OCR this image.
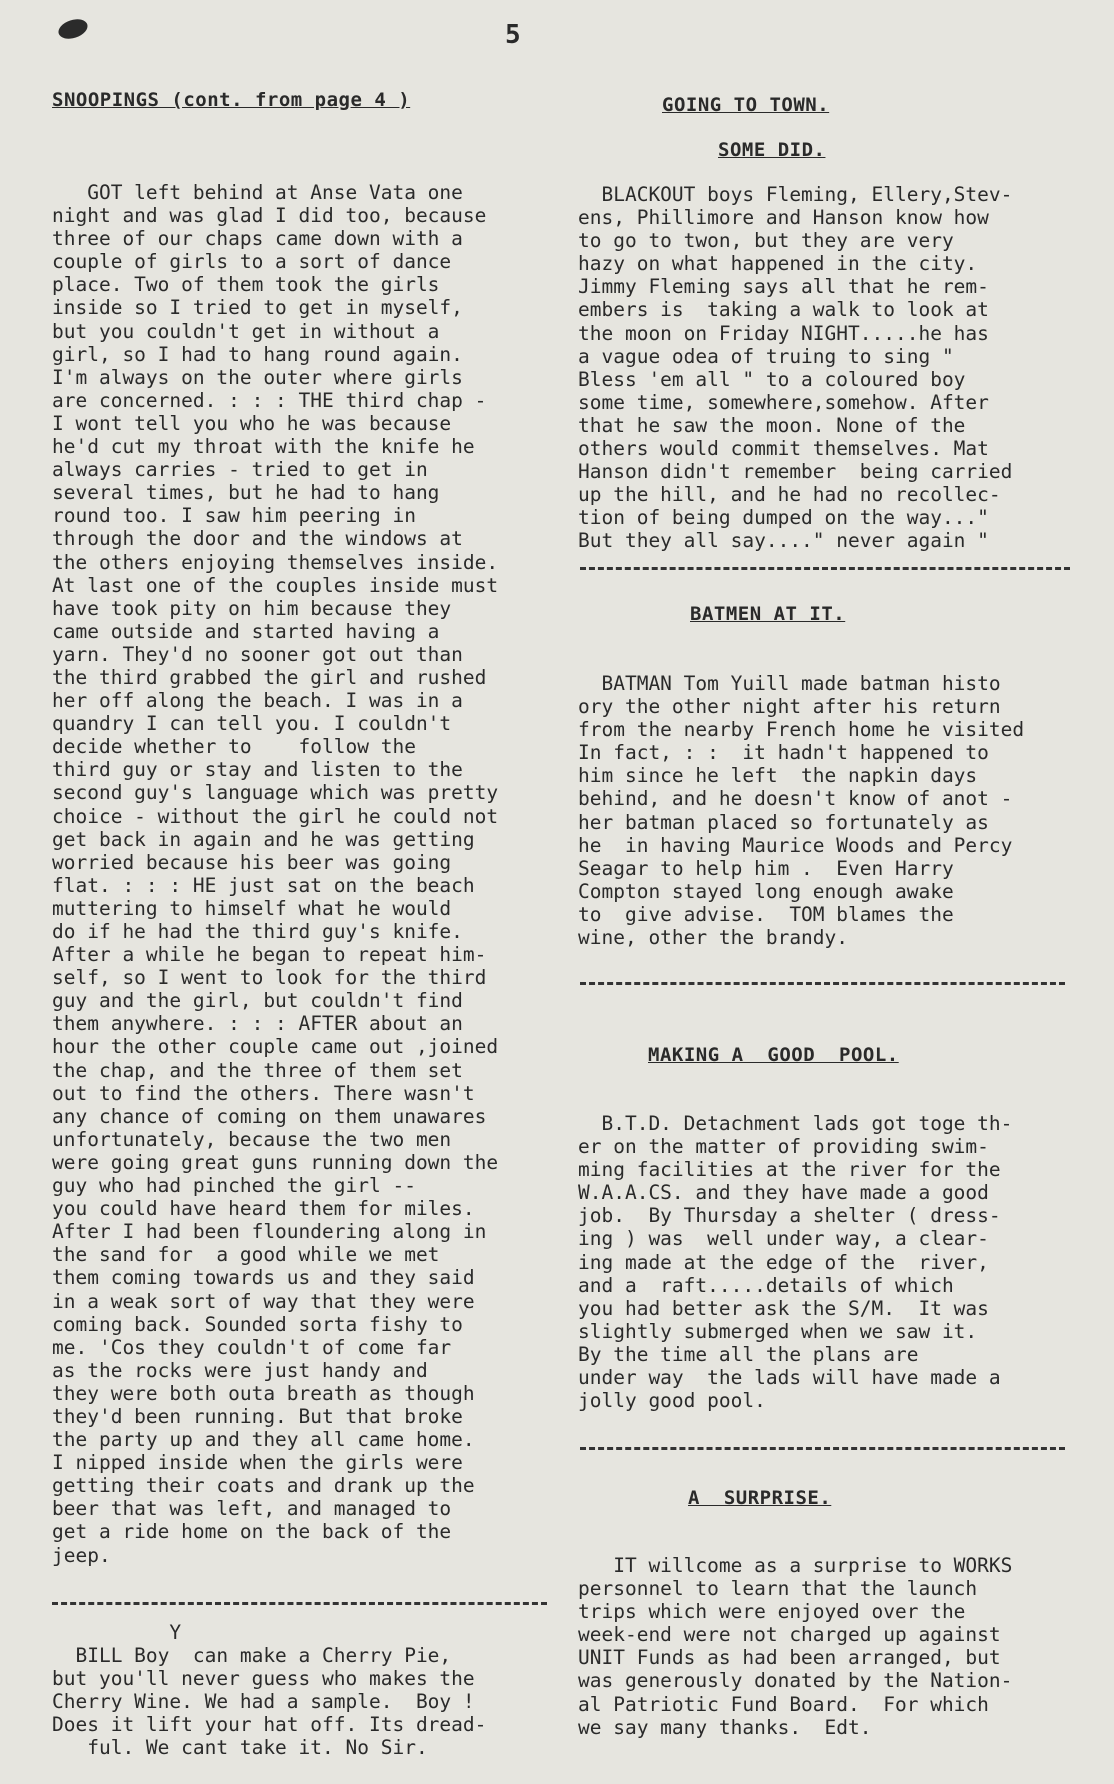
5
SNOOPINGS (cont. from page 4 )
GOT left behind at Anse Vata one
night and was glad I did too, because
three of our chaps came down with a
couple of girls to a sort of dance
place. Two of them took the girls
inside so I tried to get in myself,
but you couldn't get in without a
girl, so I had to hang round again.
I'm always on the outer where girls
are concerned. : : : THE third chap -
I wont tell you who he was because
he'd cut my throat with the knife he
always carries - tried to get in
several times, but he had to hang
round too. I saw him peering in
through the door and the windows at
the others enjoying themselves inside.
At last one of the couples inside must
have took pity on him because they
came outside and started having a
yarn. They'd no sooner got out than
the third grabbed the girl and rushed
her off along the beach. I was in a
quandry I can tell you. I couldn't
decide whether to    follow the
third guy or stay and listen to the
second guy's language which was pretty
choice - without the girl he could not
get back in again and he was getting
worried because his beer was going
flat. : : : HE just sat on the beach
muttering to himself what he would
do if he had the third guy's knife.
After a while he began to repeat him-
self, so I went to look for the third
guy and the girl, but couldn't find
them anywhere. : : : AFTER about an
hour the other couple came out ,joined
the chap, and the three of them set
out to find the others. There wasn't
any chance of coming on them unawares
unfortunately, because the two men
were going great guns running down the
guy who had pinched the girl --
you could have heard them for miles.
After I had been floundering along in
the sand for  a good while we met
them coming towards us and they said
in a weak sort of way that they were
coming back. Sounded sorta fishy to
me. 'Cos they couldn't of come far
as the rocks were just handy and
they were both outa breath as though
they'd been running. But that broke
the party up and they all came home.
I nipped inside when the girls were
getting their coats and drank up the
beer that was left, and managed to
get a ride home on the back of the
jeep.
Y
BILL Boy  can make a Cherry Pie,
but you'll never guess who makes the
Cherry Wine. We had a sample.  Boy !
Does it lift your hat off. Its dread-
ful. We cant take it. No Sir.
GOING TO TOWN.
SOME DID.
BLACKOUT boys Fleming, Ellery,Stev-
ens, Phillimore and Hanson know how
to go to twon, but they are very
hazy on what happened in the city.
Jimmy Fleming says all that he rem-
embers is  taking a walk to look at
the moon on Friday NIGHT.....he has
a vague odea of truing to sing "
Bless 'em all " to a coloured boy
some time, somewhere,somehow. After
that he saw the moon. None of the
others would commit themselves. Mat
Hanson didn't remember  being carried
up the hill, and he had no recollec-
tion of being dumped on the way..."
But they all say...." never again "
BATMEN AT IT.
BATMAN Tom Yuill made batman histo
ory the other night after his return
from the nearby French home he visited
In fact, : :  it hadn't happened to
him since he left  the napkin days
behind, and he doesn't know of anot -
her batman placed so fortunately as
he  in having Maurice Woods and Percy
Seagar to help him .  Even Harry
Compton stayed long enough awake
to  give advise.  TOM blames the
wine, other the brandy.
MAKING A  GOOD  POOL.
B.T.D. Detachment lads got toge th-
er on the matter of providing swim-
ming facilities at the river for the
W.A.A.CS. and they have made a good
job.  By Thursday a shelter ( dress-
ing ) was  well under way, a clear-
ing made at the edge of the  river,
and a  raft.....details of which
you had better ask the S/M.  It was
slightly submerged when we saw it.
By the time all the plans are
under way  the lads will have made a
jolly good pool.
A  SURPRISE.
IT willcome as a surprise to WORKS
personnel to learn that the launch
trips which were enjoyed over the
week-end were not charged up against
UNIT Funds as had been arranged, but
was generously donated by the Nation-
al Patriotic Fund Board.  For which
we say many thanks.  Edt.
